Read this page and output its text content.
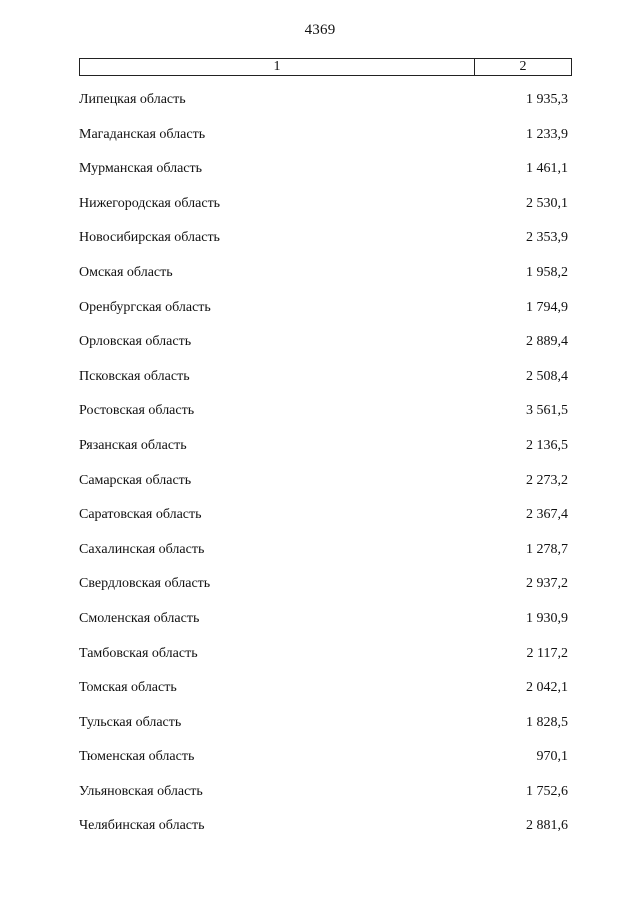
4369
1	2
Липецкая область	1 935,3
Магаданская область	1 233,9
Мурманская область	1 461,1
Нижегородская область	2 530,1
Новосибирская область	2 353,9
Омская область	1 958,2
Оренбургская область	1 794,9
Орловская область	2 889,4
Псковская область	2 508,4
Ростовская область	3 561,5
Рязанская область	2 136,5
Самарская область	2 273,2
Саратовская область	2 367,4
Сахалинская область	1 278,7
Свердловская область	2 937,2
Смоленская область	1 930,9
Тамбовская область	2 117,2
Томская область	2 042,1
Тульская область	1 828,5
Тюменская область	970,1
Ульяновская область	1 752,6
Челябинская область	2 881,6
